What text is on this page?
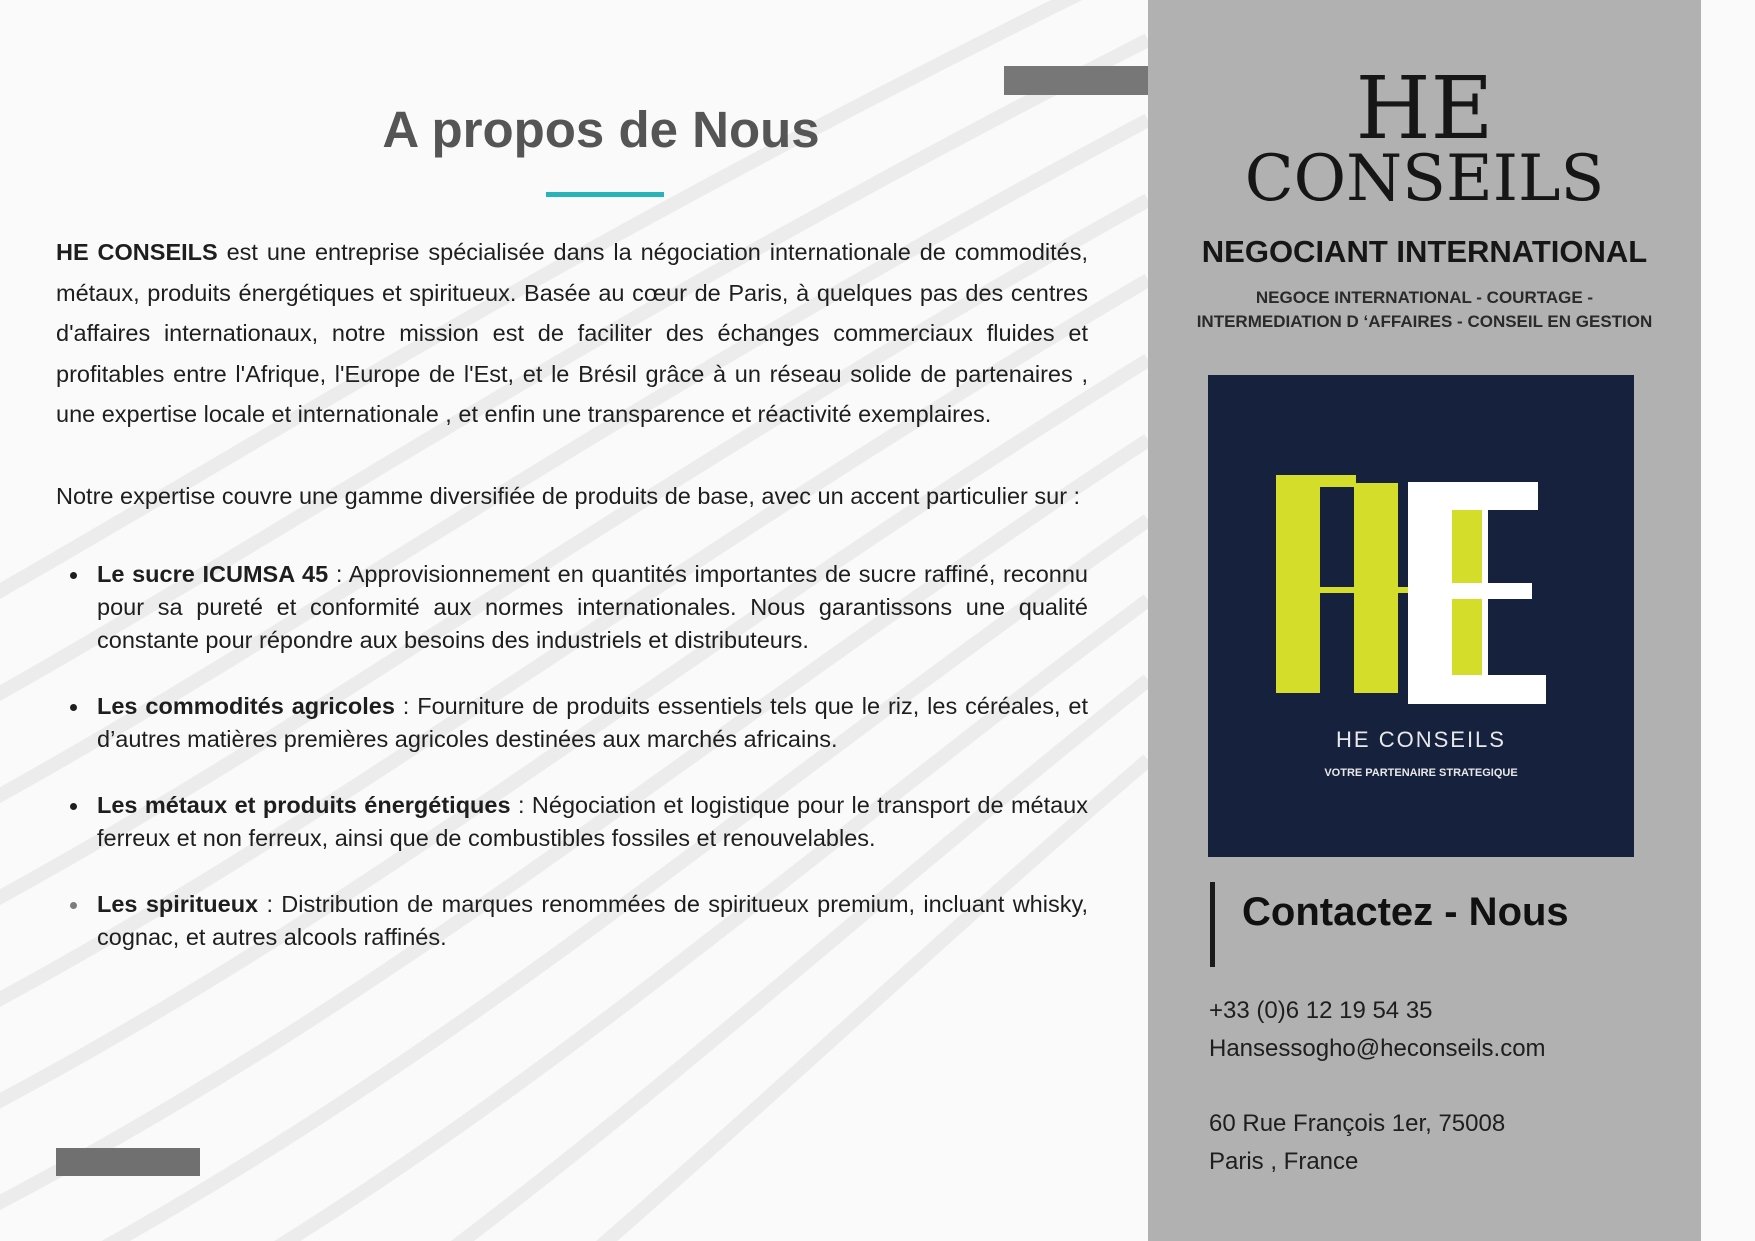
A propos de Nous

HE CONSEILS est une entreprise spécialisée dans la négociation internationale de commodités, métaux, produits énergétiques et spiritueux. Basée au cœur de Paris, à quelques pas des centres d'affaires internationaux, notre mission est de faciliter des échanges commerciaux fluides et profitables entre l'Afrique, l'Europe de l'Est, et le Brésil grâce à un réseau solide de partenaires , une expertise locale et internationale , et enfin une transparence et réactivité exemplaires.

Notre expertise couvre une gamme diversifiée de produits de base, avec un accent particulier sur :

Le sucre ICUMSA 45 : Approvisionnement en quantités importantes de sucre raffiné, reconnu pour sa pureté et conformité aux normes internationales. Nous garantissons une qualité constante pour répondre aux besoins des industriels et distributeurs.
Les commodités agricoles : Fourniture de produits essentiels tels que le riz, les céréales, et d’autres matières premières agricoles destinées aux marchés africains.
Les métaux et produits énergétiques : Négociation et logistique pour le transport de métaux ferreux et non ferreux, ainsi que de combustibles fossiles et renouvelables.
Les spiritueux : Distribution de marques renommées de spiritueux premium, incluant whisky, cognac, et autres alcools raffinés.
HE
CONSEILS
NEGOCIANT INTERNATIONAL
NEGOCE INTERNATIONAL - COURTAGE -
INTERMEDIATION D ‘AFFAIRES - CONSEIL EN GESTION
HE CONSEILS
VOTRE PARTENAIRE STRATEGIQUE
Contactez - Nous
+33 (0)6 12 19 54 35
Hansessogho@heconseils.com
60 Rue François 1er, 75008
Paris , France
